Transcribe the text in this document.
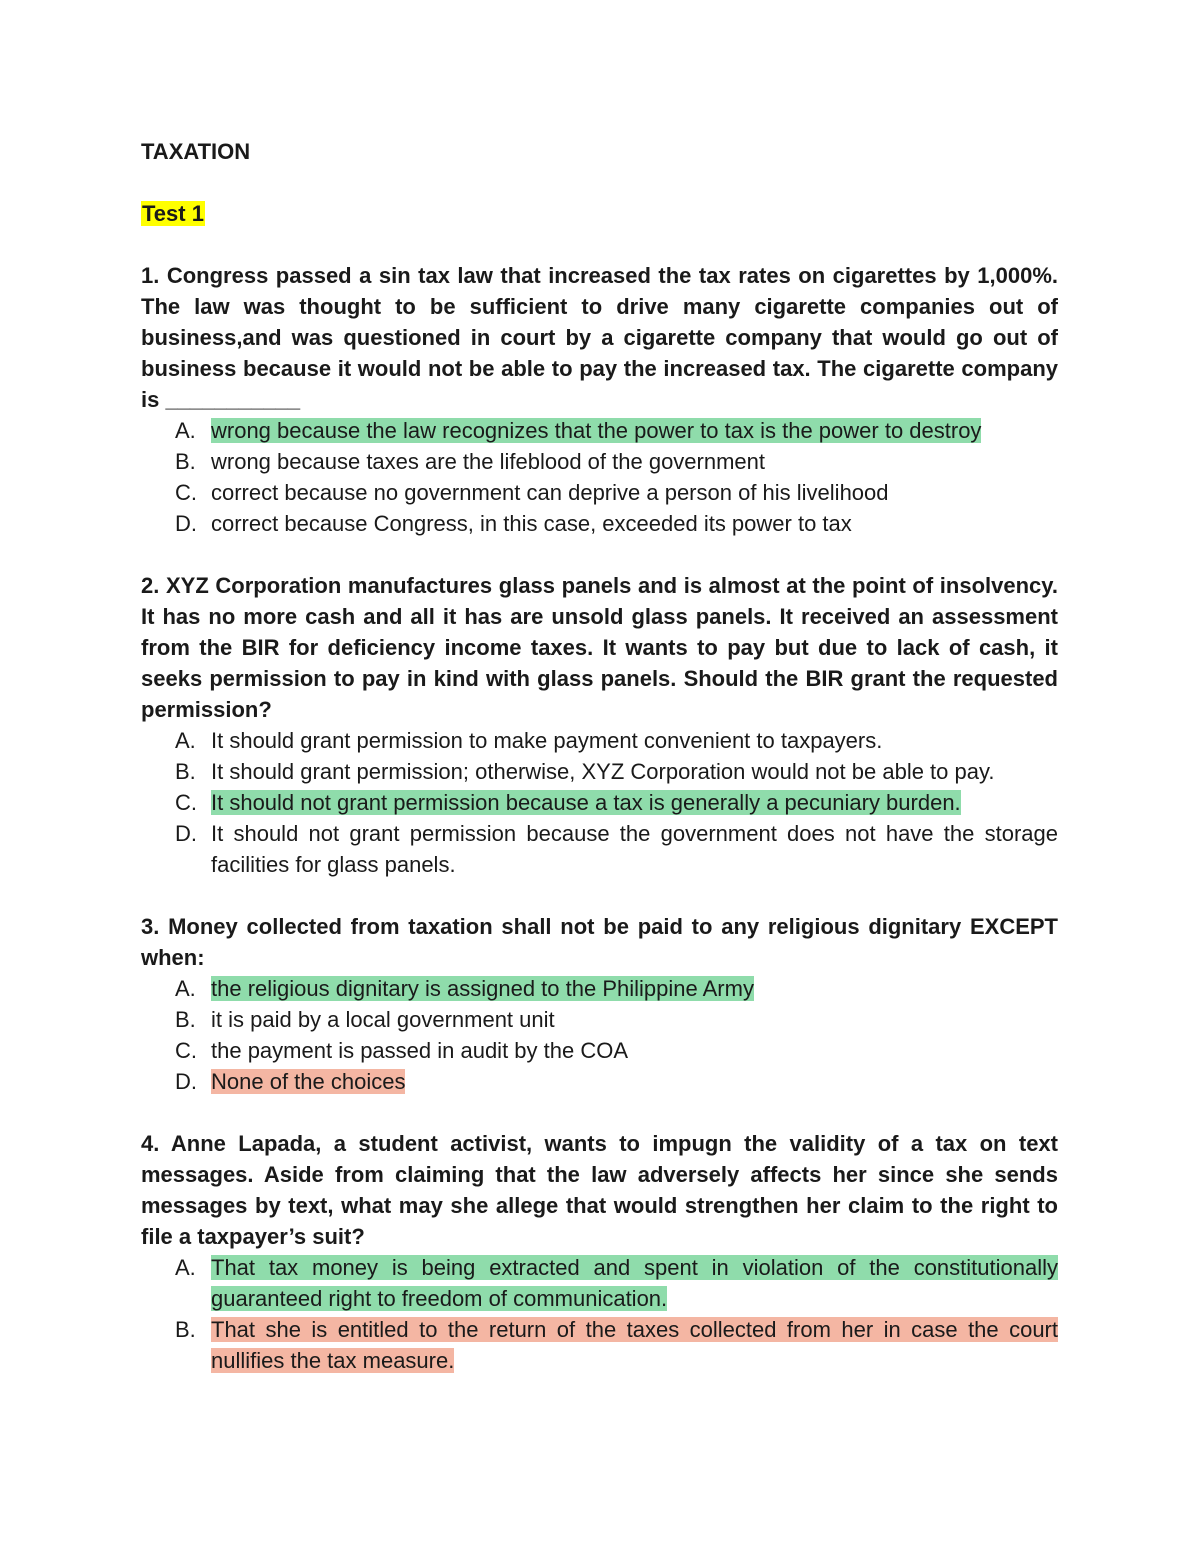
TAXATION
Test 1

1. Congress passed a sin tax law that increased the tax rates on cigarettes by 1,000%. The law was thought to be sufficient to drive many cigarette companies out of business,and was questioned in court by a cigarette company that would go out of business because it would not be able to pay the increased tax. The cigarette company is ___________

A. wrong because the law recognizes that the power to tax is the power to destroy
B. wrong because taxes are the lifeblood of the government
C. correct because no government can deprive a person of his livelihood
D. correct because Congress, in this case, exceeded its power to tax

2. XYZ Corporation manufactures glass panels and is almost at the point of insolvency. It has no more cash and all it has are unsold glass panels. It received an assessment from the BIR for deficiency income taxes. It wants to pay but due to lack of cash, it seeks permission to pay in kind with glass panels. Should the BIR grant the requested permission?

A. It should grant permission to make payment convenient to taxpayers.
B. It should grant permission; otherwise, XYZ Corporation would not be able to pay.
C. It should not grant permission because a tax is generally a pecuniary burden.
D. It should not grant permission because the government does not have the storage facilities for glass panels.

3. Money collected from taxation shall not be paid to any religious dignitary EXCEPT when:

A. the religious dignitary is assigned to the Philippine Army
B. it is paid by a local government unit
C. the payment is passed in audit by the COA
D. None of the choices

4. Anne Lapada, a student activist, wants to impugn the validity of a tax on text messages. Aside from claiming that the law adversely affects her since she sends messages by text, what may she allege that would strengthen her claim to the right to file a taxpayer’s suit?

A. That tax money is being extracted and spent in violation of the constitutionally guaranteed right to freedom of communication.
B. That she is entitled to the return of the taxes collected from her in case the court nullifies the tax measure.
